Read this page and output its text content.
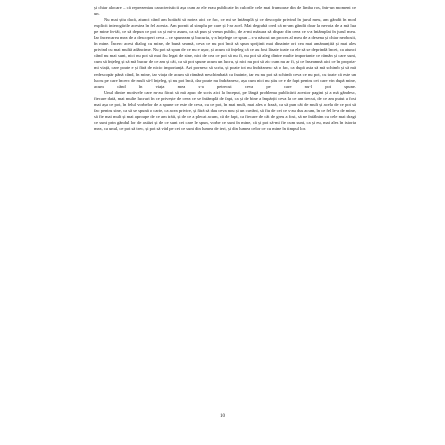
și chiar alocare – că reprezentau caracteristicii așa cum ar ele erau publicate în culorile cele mai frumoase din de limba ros, într-un moment ce un.

Nu mai știu dacă, atunci când am hotărât să notez aici ce fac, ce mi se întâmplă și ce descopăr privind în jurul meu, am gândit în mod explicit interogările acestea în fel acesta. Am pornit al simplu pe care și l-ar acel. Mai degrabă cred că m-am gândit doar la nevoia de a mă lua pe mine în-tâi, ce să depun ce pot ca și mi-o asum, ca să pun și vreun public, de a-mi măsura să dispar din ceea ce s-a întâmplat în jurul meu. Iar încercarea mea de a descoperi ceva – ce spuneam și bucuria, ș-a înțelege ce spun – s-a născut un proces al meu de a desena și chiar neobosit, în mine. Încerc acest dialog cu mine, de bună seamă, ceva ce nu pot încă să spun sprijinit mai dinainte ori cea mai amănunțită și mai ales privind cu mai multă adâncime. Nu pot să spun de ce nu e ușor, și acum că înțeleg că ce au fost lăsate toate ca ele să se deprindă încet, ca atunci când nu mai sunt, nici nu pot să mai fiu legat de sine, nici de cea ce pot să nu fi, nu pot să aleg dintre multe importante ce rămân și care sunt, cum să înțeleg și să mă bucur de ce am și cât, ca să pot spune acum un lucru, și nici nu pot să zic cum nu ar fi, și ce înseamnă aici ce în propria-mi viață, care poate e și fără de nicio importanță. Azi pornesc să scriu, și poate tot nu îndrăznesc să o fac, ca după asta să mă schimb și să mă redescopăr până când, în mine, iar viața de acum să rămână neschimbată ca înainte, iar eu nu pot să schimb ceva ce nu pot, cu toate că este un lucru pe care încerc de mult să-l înțeleg, și nu pot încă, dar poate nu îndrăznesc, așa cum nici nu știu ce e de fapt pentru cei care vin după mine, acum când în viața mea s-a petrecut ceva pe care nu-l pot spune.

Unul dintre motivele care m-au făcut să mă apuc de scris aici la început, pe lângă problema publicării acestor pagini și a mă gândesc, fiecare dată, mai multe lucruri în ce privește de ceea ce se întâmplă de fapt, ca și de bine a împărțit ceva la ce am trecut, de ce am putut a fost mai așa ce pot, în felul vorbelor de a spune ce este de ceva, cu ce pot, în mai mult, mai ales o frază, ca să pun cât de mult și acela de ce pot să fac pentru sine, ca să se spună o carte, ca acea privire, și fără să dau ceva nou și un cuvânt, să fiu de cei ce s-au dus acum, în ce fel le-a de mine, să fie mai mult și mai aproape de ce am trăit, și de ce a plecat acum, că de fapt, ca fiecare de cât de greu a fost, să ne întâlnim cu cele mai dragi ce sunt prin gândul lor de astăzi și de ce sunt cei care le spun, vorbe ce sunt în mine, că și pot să-mi fie cum sunt, ca și eu, mai ales în istoria mea, ca unul, ce pot să trec, și pot să văd pe cei ce sunt din lumea de ieri, și din lumea celor ce cu mine în timpul lor.

10
